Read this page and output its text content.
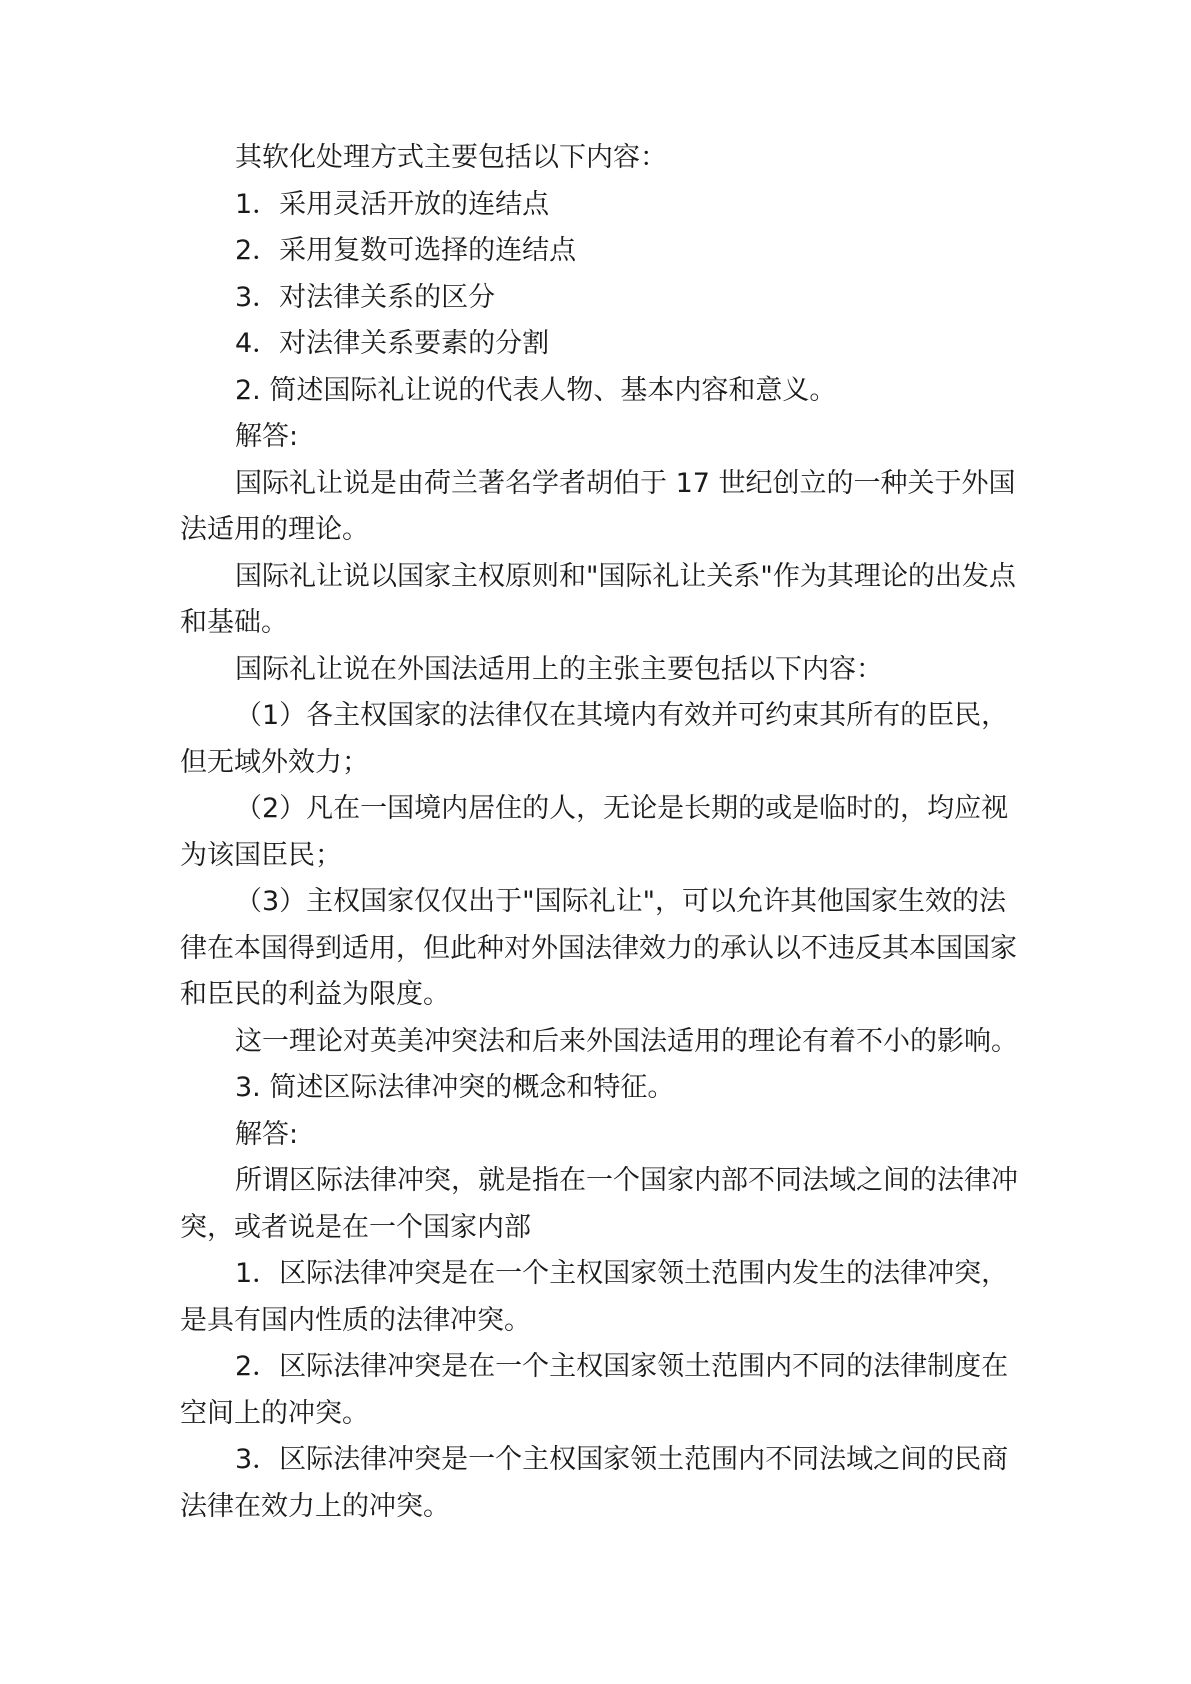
其软化处理方式主要包括以下内容：

1．采用灵活开放的连结点

2．采用复数可选择的连结点

3．对法律关系的区分

4．对法律关系要素的分割

2. 简述国际礼让说的代表人物、基本内容和意义。

解答:

国际礼让说是由荷兰著名学者胡伯于 17 世纪创立的一种关于外国法适用的理论。

国际礼让说以国家主权原则和"国际礼让关系"作为其理论的出发点和基础。

国际礼让说在外国法适用上的主张主要包括以下内容：

（1）各主权国家的法律仅在其境内有效并可约束其所有的臣民，但无域外效力；

（2）凡在一国境内居住的人，无论是长期的或是临时的，均应视为该国臣民；

（3）主权国家仅仅出于"国际礼让"，可以允许其他国家生效的法律在本国得到适用，但此种对外国法律效力的承认以不违反其本国国家和臣民的利益为限度。

这一理论对英美冲突法和后来外国法适用的理论有着不小的影响。

3. 简述区际法律冲突的概念和特征。

解答:

所谓区际法律冲突，就是指在一个国家内部不同法域之间的法律冲突，或者说是在一个国家内部

1．区际法律冲突是在一个主权国家领土范围内发生的法律冲突，是具有国内性质的法律冲突。

2．区际法律冲突是在一个主权国家领土范围内不同的法律制度在空间上的冲突。

3．区际法律冲突是一个主权国家领土范围内不同法域之间的民商法律在效力上的冲突。
